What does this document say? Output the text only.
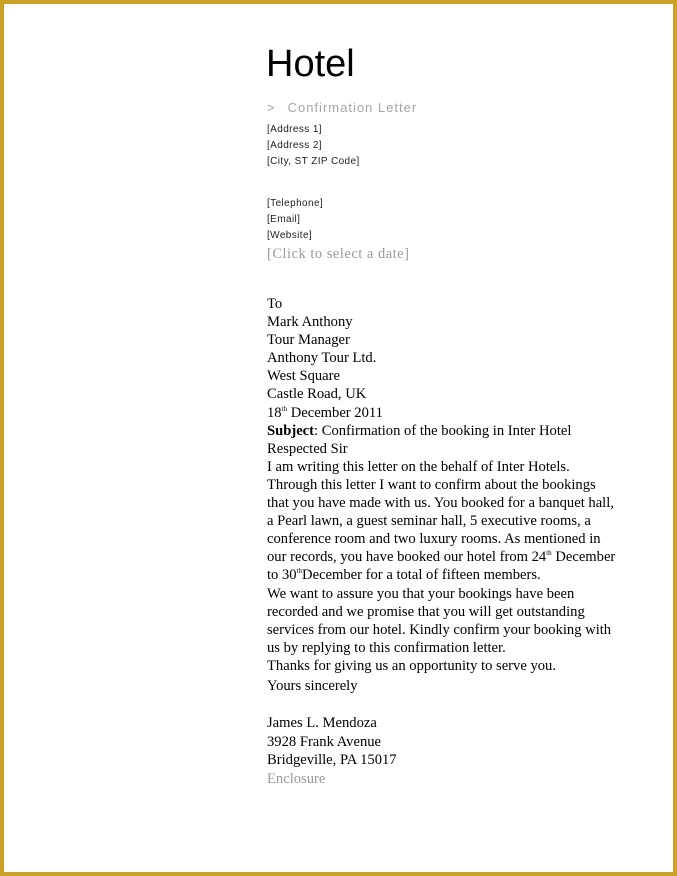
Hotel
> Confirmation Letter
[Address 1]
[Address 2]
[City, ST ZIP Code]
[Telephone]
[Email]
[Website]
[Click to select a date]
To
Mark Anthony
Tour Manager
Anthony Tour Ltd.
West Square
Castle Road, UK
18th December 2011
Subject: Confirmation of the booking in Inter Hotel
Respected Sir
I am writing this letter on the behalf of Inter Hotels.
Through this letter I want to confirm about the bookings
that you have made with us. You booked for a banquet hall,
a Pearl lawn, a guest seminar hall, 5 executive rooms, a
conference room and two luxury rooms. As mentioned in
our records, you have booked our hotel from 24th December
to 30thDecember for a total of fifteen members.
We want to assure you that your bookings have been
recorded and we promise that you will get outstanding
services from our hotel. Kindly confirm your booking with
us by replying to this confirmation letter.
Thanks for giving us an opportunity to serve you.
Yours sincerely
James L. Mendoza
3928 Frank Avenue
Bridgeville, PA 15017
Enclosure
